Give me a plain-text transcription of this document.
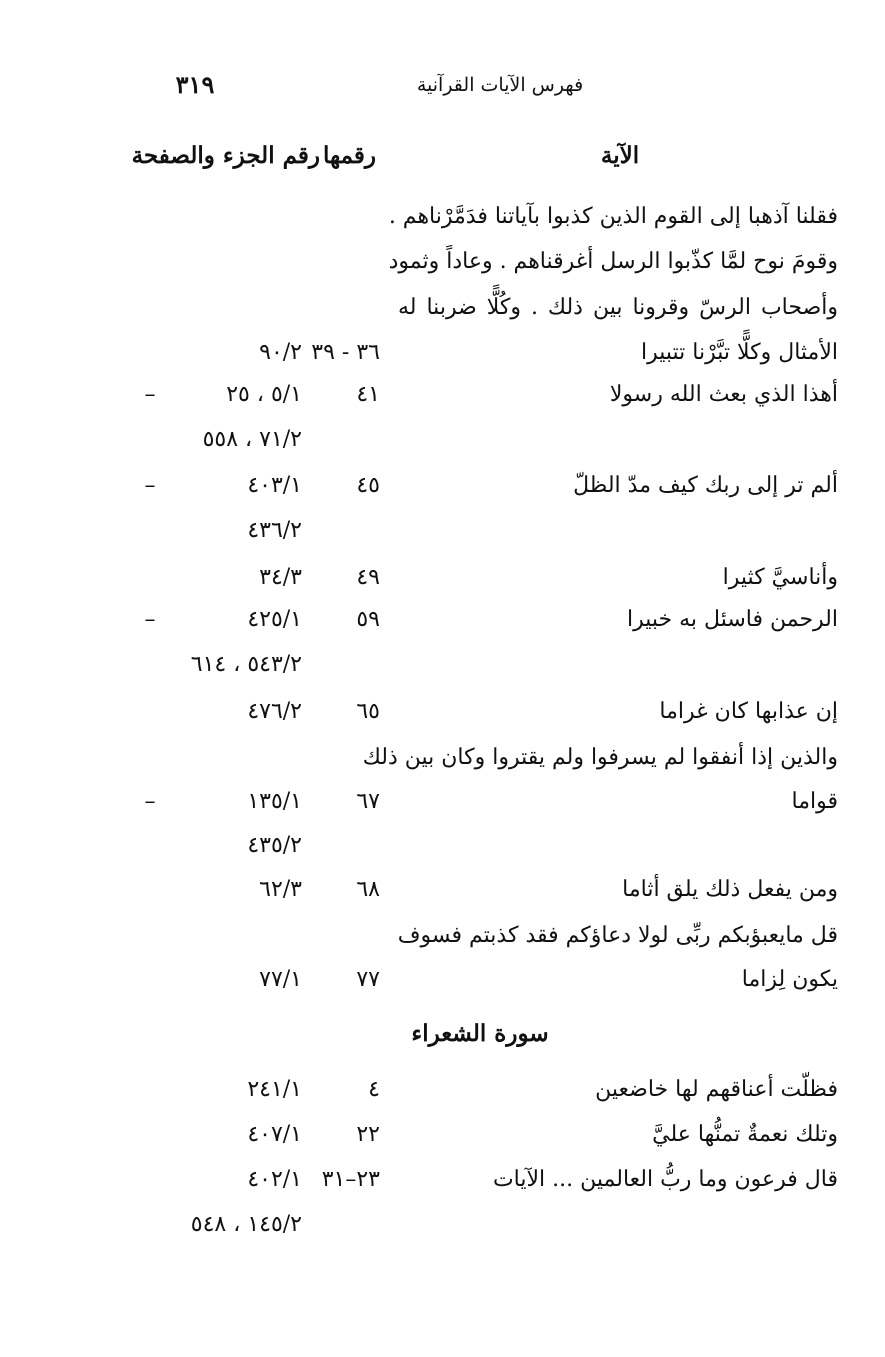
فهرس الآيات القرآنية
٣١٩
الآية
رقمها
رقم الجزء والصفحة
فقلنا آذهبا إلى القوم الذين كذبوا بآياتنا فدَمَّرْناهم .
وقومَ نوح لمَّا كذّبوا الرسل أغرقناهم . وعاداً وثمود
وأصحاب الرسّ وقرونا بين ذلك . وكُلًّا ضربنا له
الأمثال وكلًّا تبَّرْنا تتبيرا
٣٦ - ٣٩
٩٠/٢
أهذا الذي بعث الله رسولا
٤١
٥/١ ، ٢٥
–
٧١/٢ ، ٥٥٨
ألم تر إلى ربك كيف مدّ الظلّ
٤٥
٤٠٣/١
–
٤٣٦/٢
وأناسيَّ كثيرا
٤٩
٣٤/٣
الرحمن فاسئل به خبيرا
٥٩
٤٢٥/١
–
٥٤٣/٢ ، ٦١٤
إن عذابها كان غراما
٦٥
٤٧٦/٢
والذين إذا أنفقوا لم يسرفوا ولم يقتروا وكان بين ذلك
قواما
٦٧
١٣٥/١
–
٤٣٥/٢
ومن يفعل ذلك يلق أثاما
٦٨
٦٢/٣
قل مايعبؤبكم ربِّى لولا دعاؤكم فقد كذبتم فسوف
يكون لِزاما
٧٧
٧٧/١
سورة الشعراء
فظلّت أعناقهم لها خاضعين
٤
٢٤١/١
وتلك نعمةٌ تمنُّها عليَّ
٢٢
٤٠٧/١
قال فرعون وما ربُّ العالمين ... الآيات
٢٣–٣١
٤٠٢/١
١٤٥/٢ ، ٥٤٨
